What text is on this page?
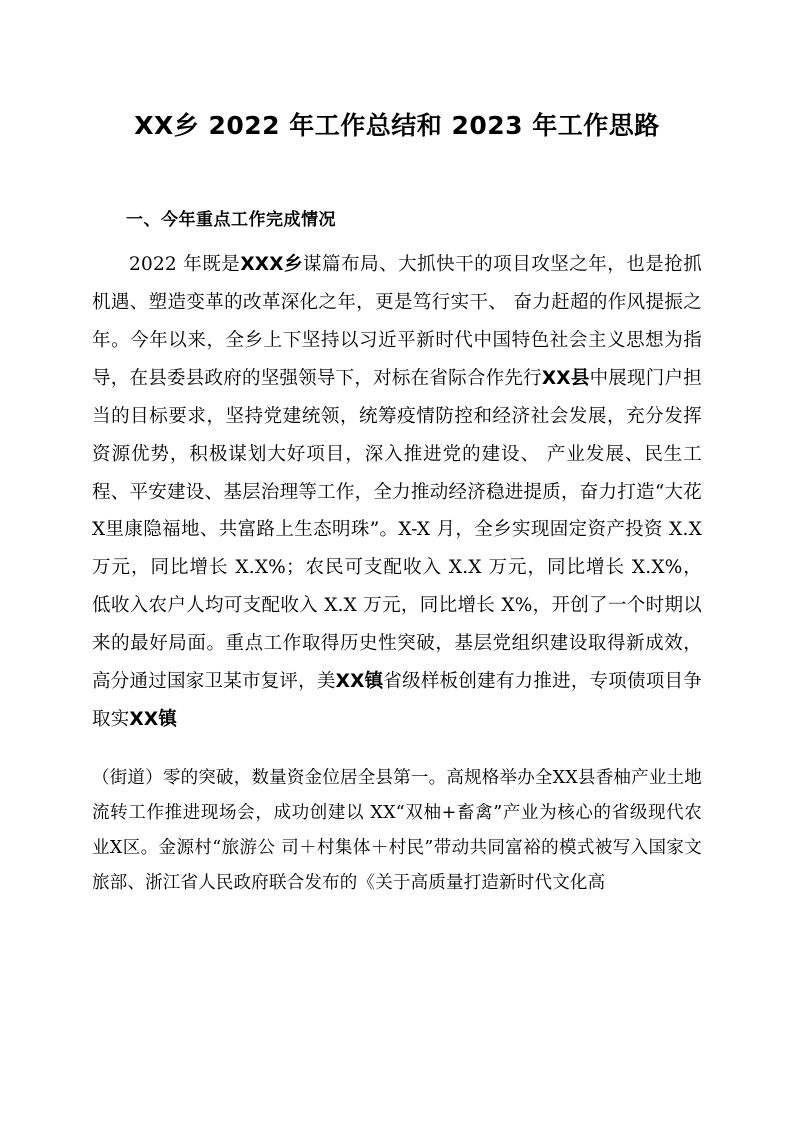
XX乡 2022 年工作总结和 2023 年工作思路
一、今年重点工作完成情况

2022 年既是XXX乡谋篇布局、大抓快干的项目攻坚之年，也是抢抓机遇、塑造变革的改革深化之年，更是笃行实干、 奋力赶超的作风提振之年。今年以来，全乡上下坚持以习近平新时代中国特色社会主义思想为指导，在县委县政府的坚强领导下，对标在省际合作先行XX县中展现门户担当的目标要求，坚持党建统领，统筹疫情防控和经济社会发展，充分发挥资源优势，积极谋划大好项目，深入推进党的建设、 产业发展、民生工程、平安建设、基层治理等工作，全力推动经济稳进提质，奋力打造“大花X里康隐福地、共富路上生态明珠”。X-X 月，全乡实现固定资产投资 X.X 万元，同比增长 X.X%；农民可支配收入 X.X 万元，同比增长 X.X%， 低收入农户人均可支配收入 X.X 万元，同比增长 X%，开创了一个时期以来的最好局面。重点工作取得历史性突破，基层党组织建设取得新成效，高分通过国家卫某市复评，美XX镇省级样板创建有力推进，专项债项目争取实XX镇

（街道）零的突破，数量资金位居全县第一。高规格举办全XX县香柚产业土地流转工作推进现场会，成功创建以 XX“双柚+畜禽”产业为核心的省级现代农业X区。金源村“旅游公 司＋村集体＋村民”带动共同富裕的模式被写入国家文旅部、浙江省人民政府联合发布的《关于高质量打造新时代文化高
